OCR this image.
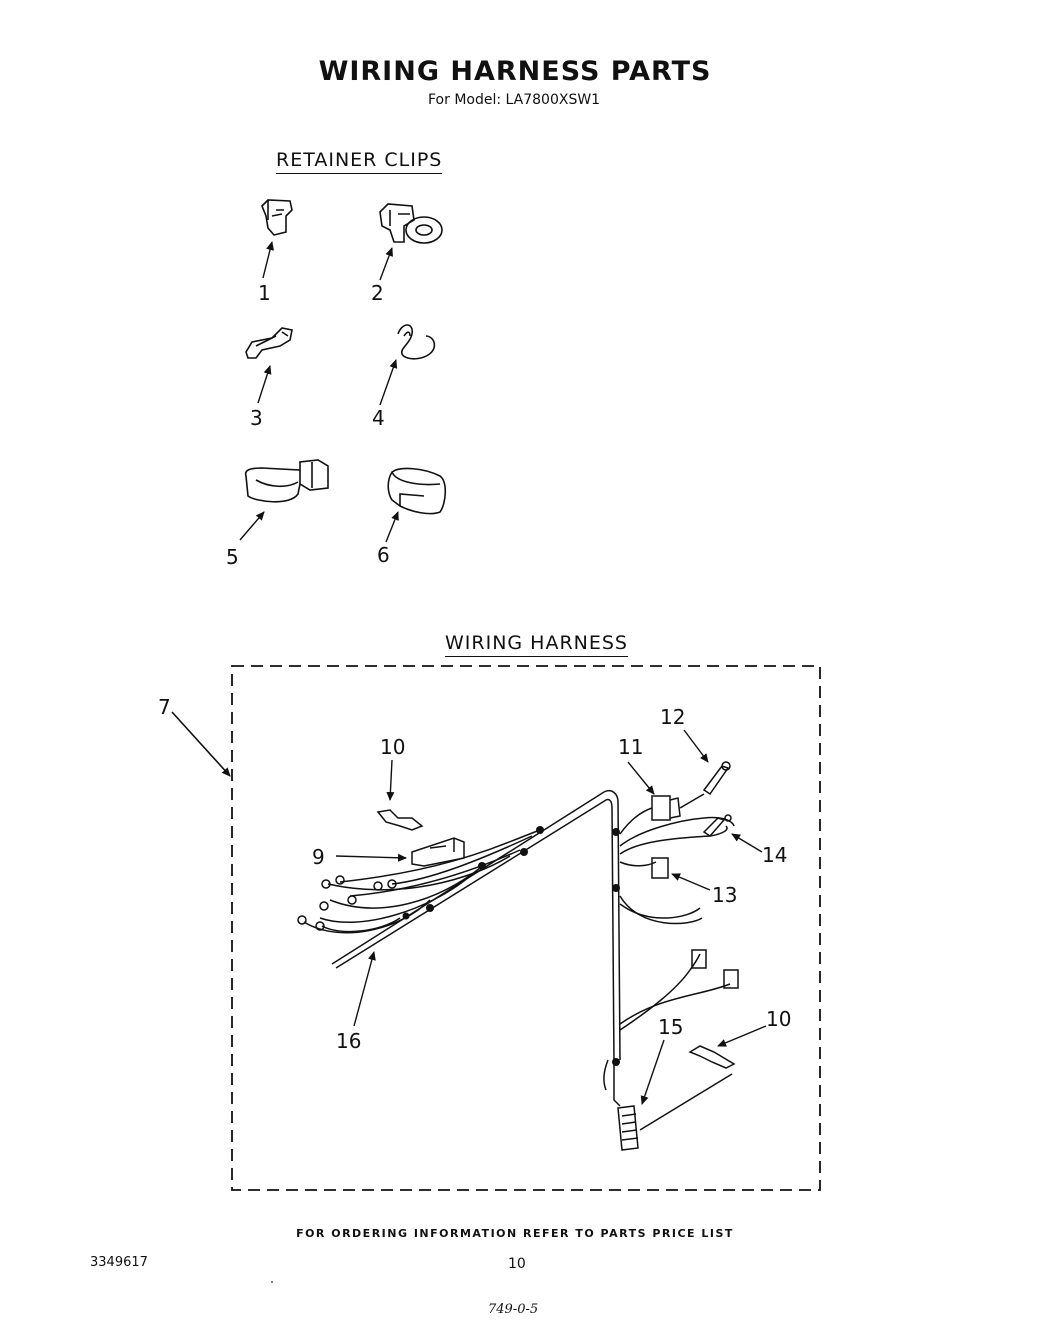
WIRING HARNESS PARTS
For Model: LA7800XSW1
RETAINER CLIPS
WIRING HARNESS
1	2
3	4
5	6
7
9
10
10
11
12
13
14
15
16
FOR ORDERING INFORMATION REFER TO PARTS PRICE LIST
3349617	10
749-0-5
